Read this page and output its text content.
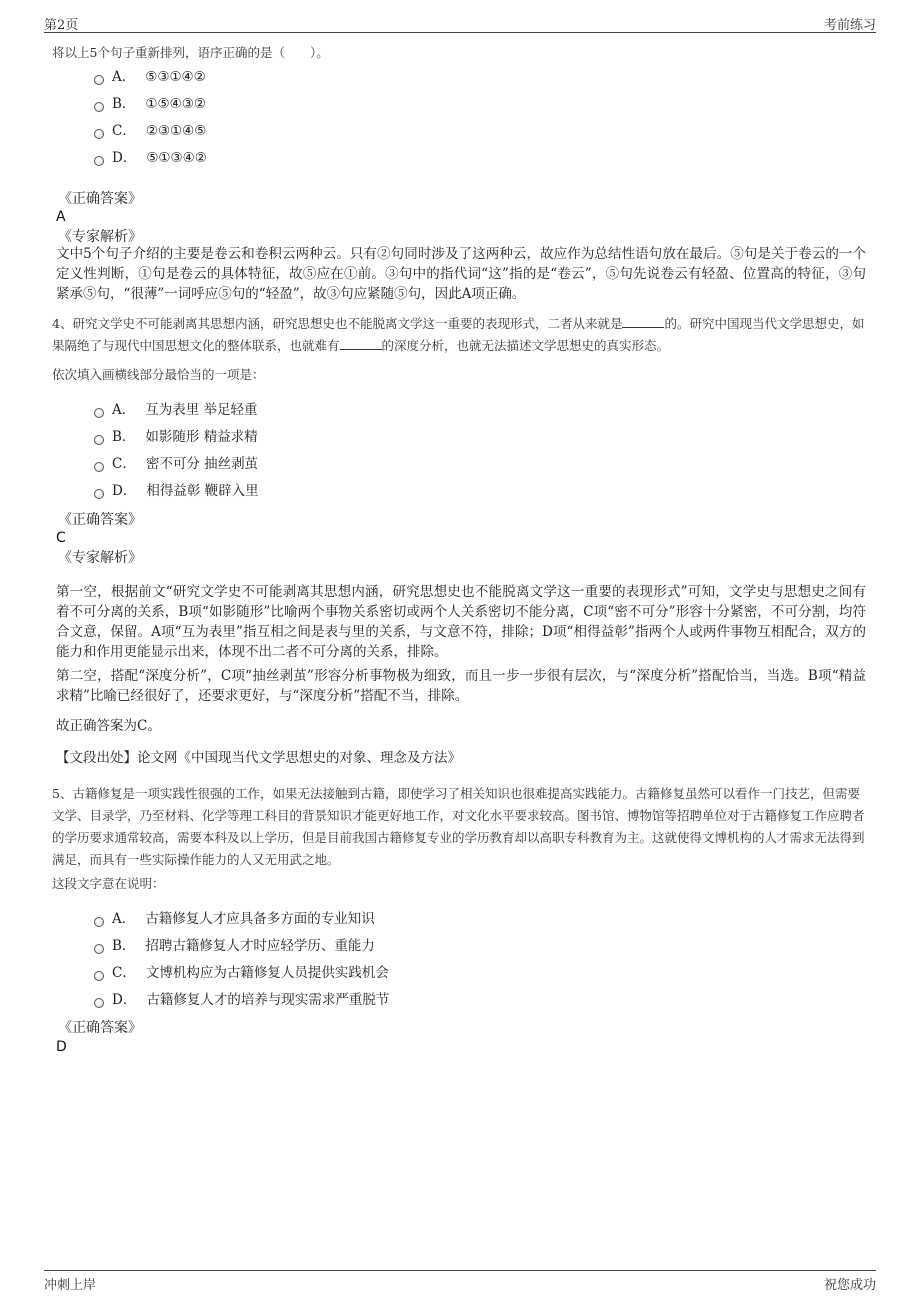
第2页	考前练习
将以上5个句子重新排列，语序正确的是（　　）。
A． ⑤③①④②
B． ①⑤④③②
C． ②③①④⑤
D． ⑤①③④②
《正确答案》
A
《专家解析》
文中5个句子介绍的主要是卷云和卷积云两种云。只有②句同时涉及了这两种云，故应作为总结性语句放在最后。⑤句是关于卷云的一个定义性判断，①句是卷云的具体特征，故⑤应在①前。③句中的指代词“这”指的是“卷云”，⑤句先说卷云有轻盈、位置高的特征，③句紧承⑤句，“很薄”一词呼应⑤句的“轻盈”，故③句应紧随⑤句，因此A项正确。
4、研究文学史不可能剥离其思想内涵，研究思想史也不能脱离文学这一重要的表现形式，二者从来就是	的。研究中国现当代文学思想史，如果隔绝了与现代中国思想文化的整体联系，也就难有	的深度分析，也就无法描述文学思想史的真实形态。
依次填入画横线部分最恰当的一项是：
A． 互为表里 举足轻重
B． 如影随形 精益求精
C． 密不可分 抽丝剥茧
D． 相得益彰 鞭辟入里
《正确答案》
C
《专家解析》
第一空，根据前文“研究文学史不可能剥离其思想内涵，研究思想史也不能脱离文学这一重要的表现形式”可知，文学史与思想史之间有着不可分离的关系，B项“如影随形”比喻两个事物关系密切或两个人关系密切不能分离，C项“密不可分”形容十分紧密，不可分割，均符合文意，保留。A项“互为表里”指互相之间是表与里的关系，与文意不符，排除；D项“相得益彰”指两个人或两件事物互相配合，双方的能力和作用更能显示出来，体现不出二者不可分离的关系，排除。
第二空，搭配“深度分析”，C项“抽丝剥茧”形容分析事物极为细致，而且一步一步很有层次，与“深度分析”搭配恰当，当选。B项“精益求精”比喻已经很好了，还要求更好，与“深度分析”搭配不当，排除。
故正确答案为C。
【文段出处】论文网《中国现当代文学思想史的对象、理念及方法》
5、古籍修复是一项实践性很强的工作，如果无法接触到古籍，即使学习了相关知识也很难提高实践能力。古籍修复虽然可以看作一门技艺，但需要文学、目录学，乃至材料、化学等理工科目的背景知识才能更好地工作，对文化水平要求较高。图书馆、博物馆等招聘单位对于古籍修复工作应聘者的学历要求通常较高，需要本科及以上学历，但是目前我国古籍修复专业的学历教育却以高职专科教育为主。这就使得文博机构的人才需求无法得到满足，而具有一些实际操作能力的人又无用武之地。
这段文字意在说明：
A． 古籍修复人才应具备多方面的专业知识
B． 招聘古籍修复人才时应轻学历、重能力
C． 文博机构应为古籍修复人员提供实践机会
D． 古籍修复人才的培养与现实需求严重脱节
《正确答案》
D
冲刺上岸	祝您成功
